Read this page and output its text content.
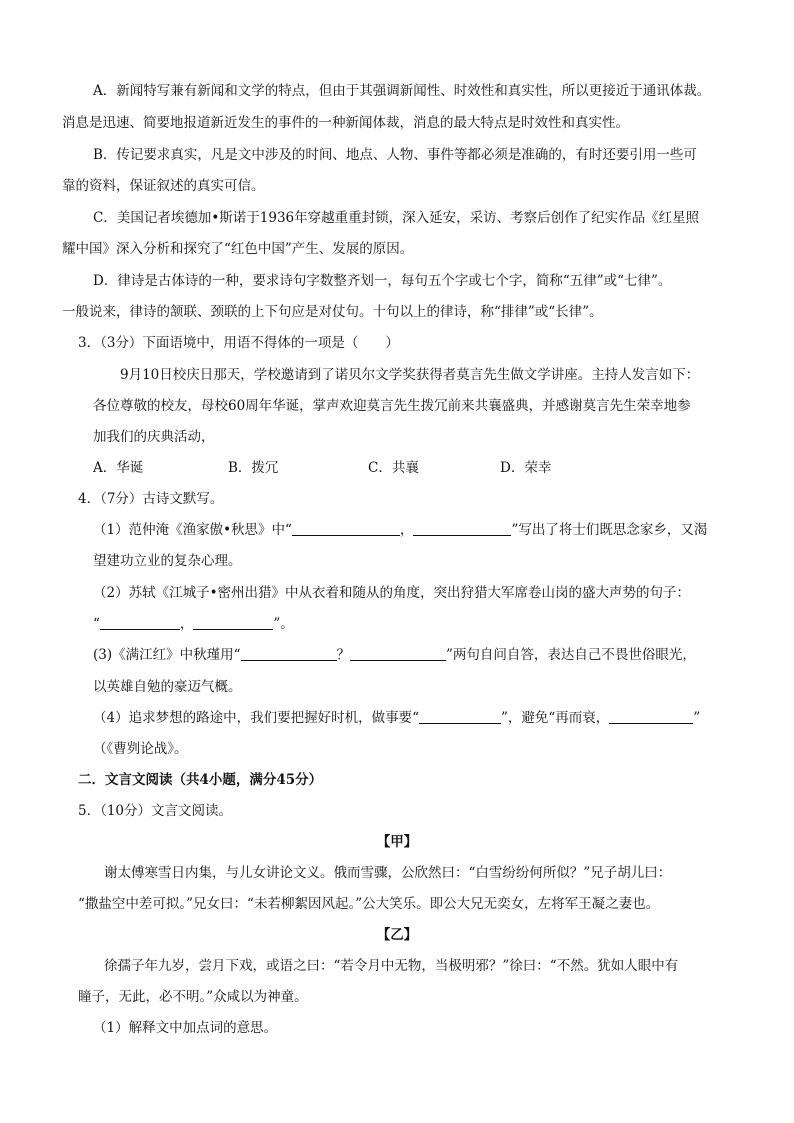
A．新闻特写兼有新闻和文学的特点，但由于其强调新闻性、时效性和真实性，所以更接近于通讯体裁。
消息是迅速、简要地报道新近发生的事件的一种新闻体裁，消息的最大特点是时效性和真实性。
B．传记要求真实，凡是文中涉及的时间、地点、人物、事件等都必须是准确的，有时还要引用一些可
靠的资料，保证叙述的真实可信。
C．美国记者埃德加•斯诺于1936年穿越重重封锁，深入延安，采访、考察后创作了纪实作品《红星照
耀中国》深入分析和探究了“红色中国”产生、发展的原因。
D．律诗是古体诗的一种，要求诗句字数整齐划一，每句五个字或七个字，简称“五律”或“七律”。
一般说来，律诗的颔联、颈联的上下句应是对仗句。十句以上的律诗，称“排律”或“长律”。
3．（3分）下面语境中，用语不得体的一项是（　　）
9月10日校庆日那天，学校邀请到了诺贝尔文学奖获得者莫言先生做文学讲座。主持人发言如下：
各位尊敬的校友，母校60周年华诞，掌声欢迎莫言先生拨冗前来共襄盛典，并感谢莫言先生荣幸地参
加我们的庆典活动，
A．华诞	B．拨冗	C．共襄	D．荣幸
4．（7分）古诗文默写。
（1）范仲淹《渔家傲•秋思》中“	，	”写出了将士们既思念家乡，又渴
望建功立业的复杂心理。
（2）苏轼《江城子•密州出猎》中从衣着和随从的角度，突出狩猎大军席卷山岗的盛大声势的句子：
“	，	”。
(3)《满江红》中秋瑾用“	？	”两句自问自答，表达自己不畏世俗眼光，
以英雄自勉的豪迈气概。
（4）追求梦想的路途中，我们要把握好时机，做事要“	”，避免“再而衰，	”
（《曹刿论战》。
二．文言文阅读（共4小题，满分45分）
5．（10分）文言文阅读。
【甲】
谢太傅寒雪日内集，与儿女讲论文义。俄而雪骤，公欣然曰：“白雪纷纷何所似？”兄子胡儿曰：
“撒盐空中差可拟。”兄女曰：“未若柳絮因风起。”公大笑乐。即公大兄无奕女，左将军王凝之妻也。
【乙】
徐孺子年九岁，尝月下戏，或语之曰：“若令月中无物，当极明邪？”徐曰：“不然。犹如人眼中有
瞳子，无此，必不明。”众咸以为神童。
（1）解释文中加点词的意思。
